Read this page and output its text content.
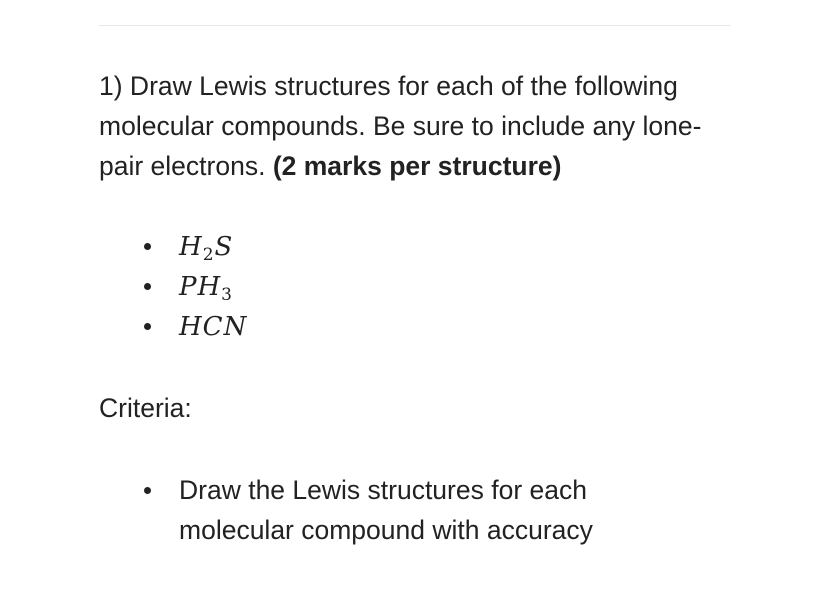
1) Draw Lewis structures for each of the following molecular compounds. Be sure to include any lone-pair electrons. (2 marks per structure)

$H_2S$
$PH_3$
HCN

Criteria:

Draw the Lewis structures for each molecular compound with accuracy
